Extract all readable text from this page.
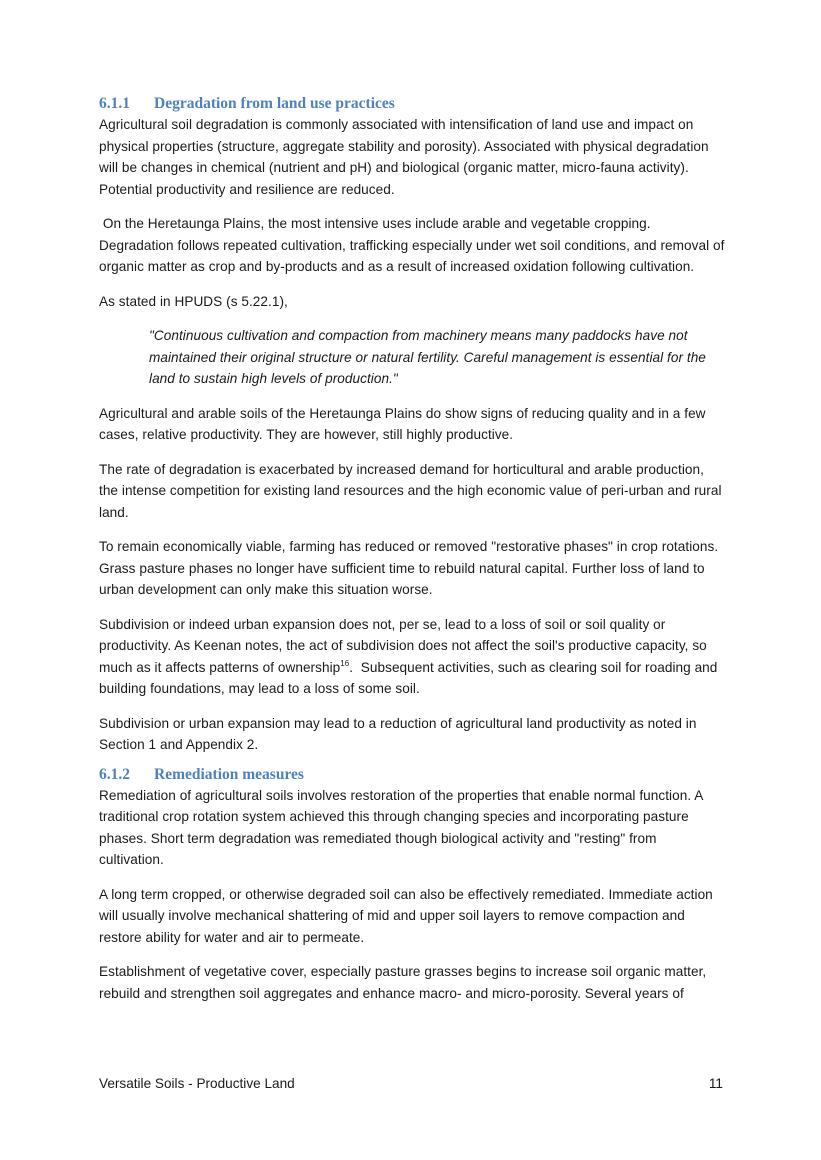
6.1.1 Degradation from land use practices

Agricultural soil degradation is commonly associated with intensification of land use and impact on physical properties (structure, aggregate stability and porosity). Associated with physical degradation will be changes in chemical (nutrient and pH) and biological (organic matter, micro-fauna activity). Potential productivity and resilience are reduced.

On the Heretaunga Plains, the most intensive uses include arable and vegetable cropping. Degradation follows repeated cultivation, trafficking especially under wet soil conditions, and removal of organic matter as crop and by-products and as a result of increased oxidation following cultivation.

As stated in HPUDS (s 5.22.1),

"Continuous cultivation and compaction from machinery means many paddocks have not maintained their original structure or natural fertility. Careful management is essential for the land to sustain high levels of production."

Agricultural and arable soils of the Heretaunga Plains do show signs of reducing quality and in a few cases, relative productivity. They are however, still highly productive.

The rate of degradation is exacerbated by increased demand for horticultural and arable production, the intense competition for existing land resources and the high economic value of peri-urban and rural land.

To remain economically viable, farming has reduced or removed "restorative phases" in crop rotations. Grass pasture phases no longer have sufficient time to rebuild natural capital. Further loss of land to urban development can only make this situation worse.

Subdivision or indeed urban expansion does not, per se, lead to a loss of soil or soil quality or productivity. As Keenan notes, the act of subdivision does not affect the soil's productive capacity, so much as it affects patterns of ownership$^{16}$.  Subsequent activities, such as clearing soil for roading and building foundations, may lead to a loss of some soil.

Subdivision or urban expansion may lead to a reduction of agricultural land productivity as noted in Section 1 and Appendix 2.

6.1.2 Remediation measures

Remediation of agricultural soils involves restoration of the properties that enable normal function. A traditional crop rotation system achieved this through changing species and incorporating pasture phases. Short term degradation was remediated though biological activity and "resting" from cultivation.

A long term cropped, or otherwise degraded soil can also be effectively remediated. Immediate action will usually involve mechanical shattering of mid and upper soil layers to remove compaction and restore ability for water and air to permeate.

Establishment of vegetative cover, especially pasture grasses begins to increase soil organic matter, rebuild and strengthen soil aggregates and enhance macro- and micro-porosity. Several years of

Versatile Soils - Productive Land	11
